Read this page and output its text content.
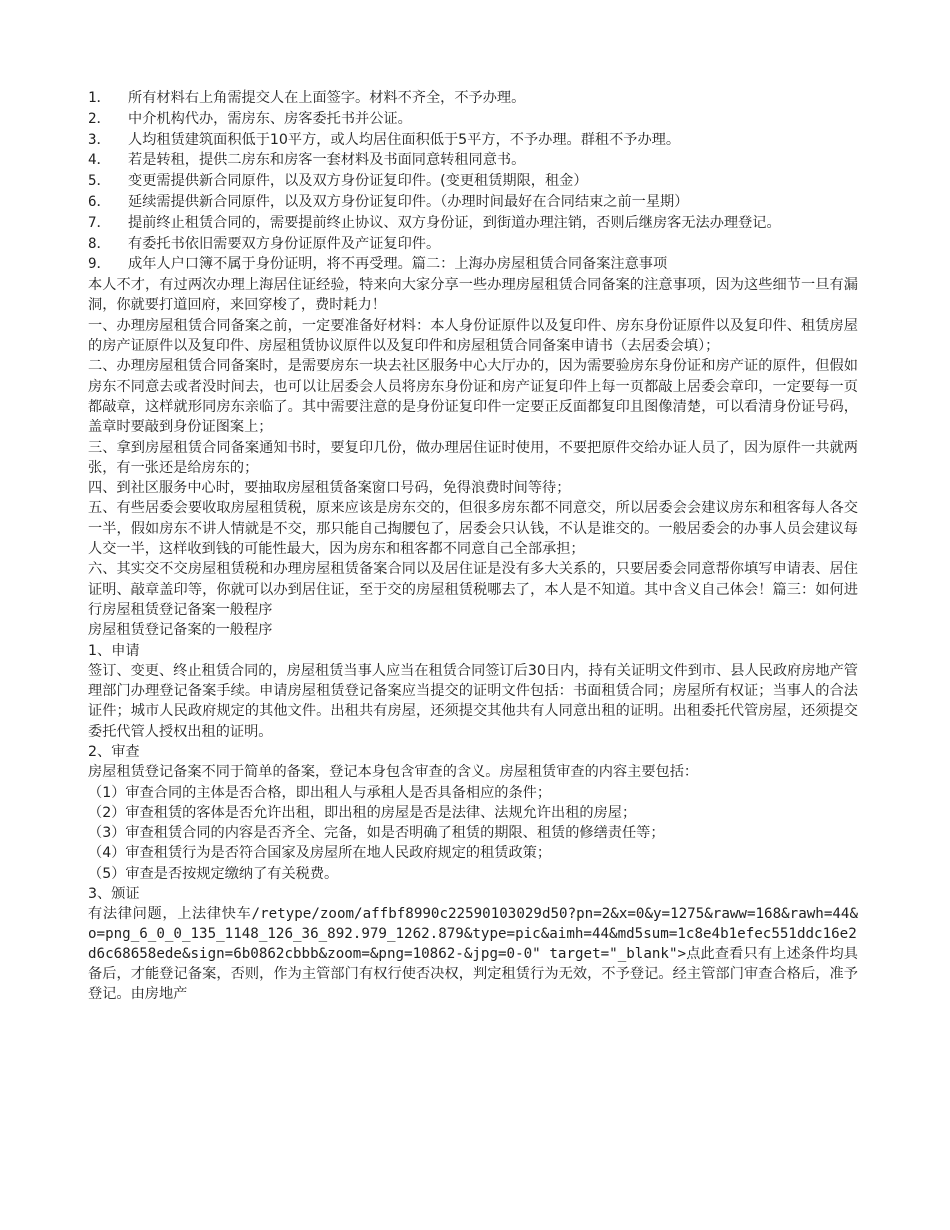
1．	所有材料右上角需提交人在上面签字。材料不齐全，不予办理。
2．	中介机构代办，需房东、房客委托书并公证。
3．	人均租赁建筑面积低于10平方，或人均居住面积低于5平方，不予办理。群租不予办理。
4．	若是转租，提供二房东和房客一套材料及书面同意转租同意书。
5．	变更需提供新合同原件，以及双方身份证复印件。(变更租赁期限，租金）
6．	延续需提供新合同原件，以及双方身份证复印件。（办理时间最好在合同结束之前一星期）
7．	提前终止租赁合同的，需要提前终止协议、双方身份证，到街道办理注销，否则后继房客无法办理登记。
8．	有委托书依旧需要双方身份证原件及产证复印件。
9．	成年人户口簿不属于身份证明，将不再受理。篇二：上海办房屋租赁合同备案注意事项

本人不才，有过两次办理上海居住证经验，特来向大家分享一些办理房屋租赁合同备案的注意事项，因为这些细节一旦有漏洞，你就要打道回府，来回穿梭了，费时耗力！

一、办理房屋租赁合同备案之前，一定要准备好材料：本人身份证原件以及复印件、房东身份证原件以及复印件、租赁房屋的房产证原件以及复印件、房屋租赁协议原件以及复印件和房屋租赁合同备案申请书（去居委会填）；

二、办理房屋租赁合同备案时，是需要房东一块去社区服务中心大厅办的，因为需要验房东身份证和房产证的原件，但假如房东不同意去或者没时间去，也可以让居委会人员将房东身份证和房产证复印件上每一页都敲上居委会章印，一定要每一页都敲章，这样就形同房东亲临了。其中需要注意的是身份证复印件一定要正反面都复印且图像清楚，可以看清身份证号码，盖章时要敲到身份证图案上；

三、拿到房屋租赁合同备案通知书时，要复印几份，做办理居住证时使用，不要把原件交给办证人员了，因为原件一共就两张，有一张还是给房东的；

四、到社区服务中心时，要抽取房屋租赁备案窗口号码，免得浪费时间等待；

五、有些居委会要收取房屋租赁税，原来应该是房东交的，但很多房东都不同意交，所以居委会会建议房东和租客每人各交一半，假如房东不讲人情就是不交，那只能自己掏腰包了，居委会只认钱，不认是谁交的。一般居委会的办事人员会建议每人交一半，这样收到钱的可能性最大，因为房东和租客都不同意自己全部承担；

六、其实交不交房屋租赁税和办理房屋租赁备案合同以及居住证是没有多大关系的，只要居委会同意帮你填写申请表、居住证明、敲章盖印等，你就可以办到居住证，至于交的房屋租赁税哪去了，本人是不知道。其中含义自己体会！篇三：如何进行房屋租赁登记备案一般程序

房屋租赁登记备案的一般程序

1、申请

签订、变更、终止租赁合同的，房屋租赁当事人应当在租赁合同签订后30日内，持有关证明文件到市、县人民政府房地产管理部门办理登记备案手续。申请房屋租赁登记备案应当提交的证明文件包括：书面租赁合同；房屋所有权证；当事人的合法证件；城市人民政府规定的其他文件。出租共有房屋，还须提交其他共有人同意出租的证明。出租委托代管房屋，还须提交委托代管人授权出租的证明。

2、审查

房屋租赁登记备案不同于简单的备案，登记本身包含审查的含义。房屋租赁审查的内容主要包括：

（1）审查合同的主体是否合格，即出租人与承租人是否具备相应的条件；

（2）审查租赁的客体是否允许出租，即出租的房屋是否是法律、法规允许出租的房屋；

（3）审查租赁合同的内容是否齐全、完备，如是否明确了租赁的期限、租赁的修缮责任等；

（4）审查租赁行为是否符合国家及房屋所在地人民政府规定的租赁政策；

（5）审查是否按规定缴纳了有关税费。

3、颁证

有法律问题，上法律快车/retype/zoom/affbf8990c22590103029d50?pn=2&x=0&y=1275&raww=168&rawh=44&o=png_6_0_0_135_1148_126_36_892.979_1262.879&type=pic&aimh=44&md5sum=1c8e4b1efec551ddc16e2d6c68658ede&sign=6b0862cbbb&zoom=&png=10862-&jpg=0-0" target="_blank">点此查看只有上述条件均具备后，才能登记备案，否则，作为主管部门有权行使否决权，判定租赁行为无效，不予登记。经主管部门审查合格后，准予登记。由房地产
